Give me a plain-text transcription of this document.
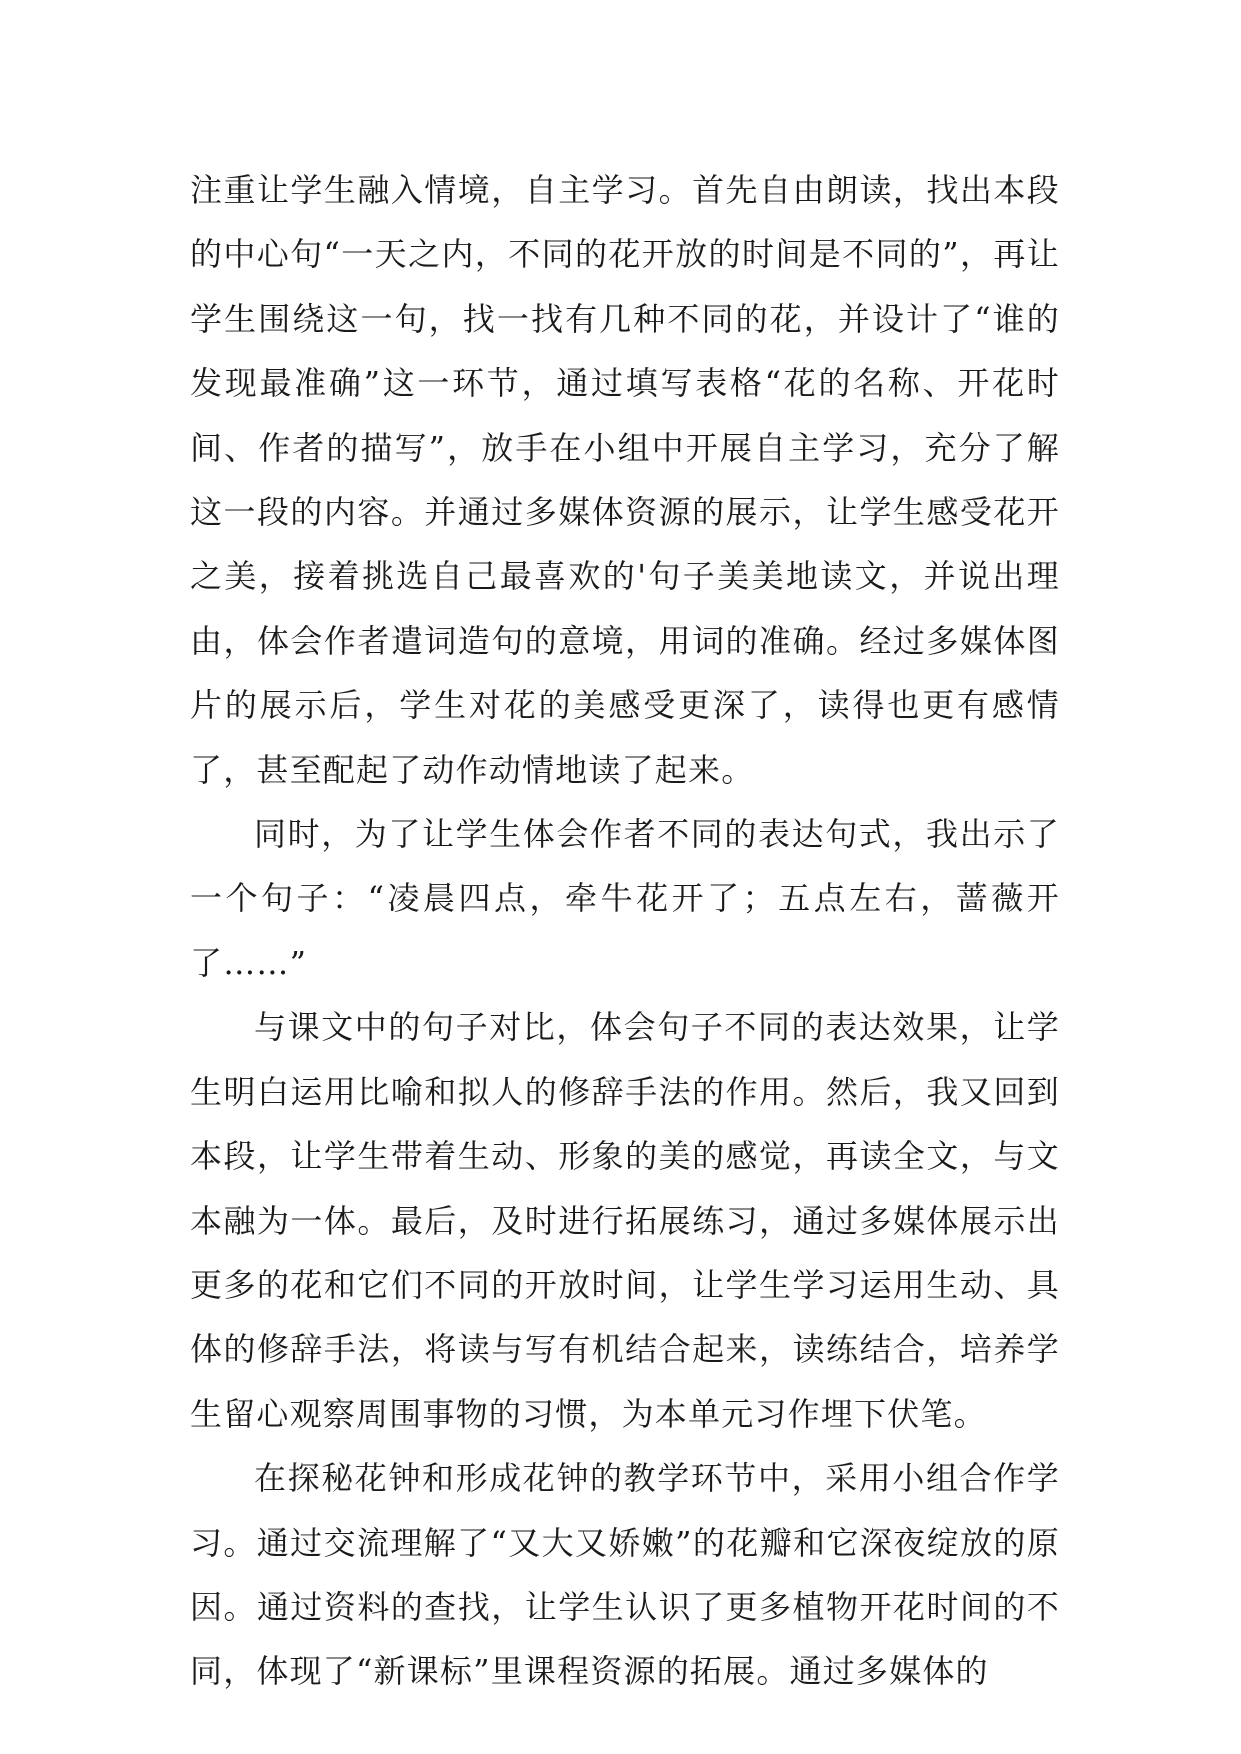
注重让学生融入情境，自主学习。首先自由朗读，找出本段的中心句“一天之内，不同的花开放的时间是不同的”，再让学生围绕这一句，找一找有几种不同的花，并设计了“谁的发现最准确”这一环节，通过填写表格“花的名称、开花时间、作者的描写”，放手在小组中开展自主学习，充分了解这一段的内容。并通过多媒体资源的展示，让学生感受花开之美，接着挑选自己最喜欢的'句子美美地读文，并说出理由，体会作者遣词造句的意境，用词的准确。经过多媒体图片的展示后，学生对花的美感受更深了，读得也更有感情了，甚至配起了动作动情地读了起来。

同时，为了让学生体会作者不同的表达句式，我出示了一个句子：“凌晨四点，牵牛花开了；五点左右，蔷薇开了……”

与课文中的句子对比，体会句子不同的表达效果，让学生明白运用比喻和拟人的修辞手法的作用。然后，我又回到本段，让学生带着生动、形象的美的感觉，再读全文，与文本融为一体。最后，及时进行拓展练习，通过多媒体展示出更多的花和它们不同的开放时间，让学生学习运用生动、具体的修辞手法，将读与写有机结合起来，读练结合，培养学生留心观察周围事物的习惯，为本单元习作埋下伏笔。

在探秘花钟和形成花钟的教学环节中，采用小组合作学习。通过交流理解了“又大又娇嫩”的花瓣和它深夜绽放的原因。通过资料的查找，让学生认识了更多植物开花时间的不同，体现了“新课标”里课程资源的拓展。通过多媒体的
